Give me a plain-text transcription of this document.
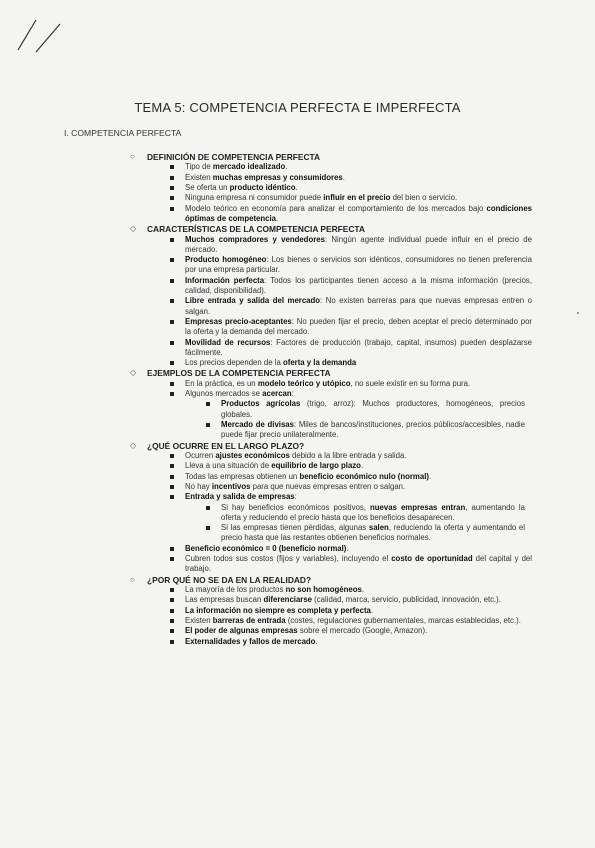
TEMA 5: COMPETENCIA PERFECTA E IMPERFECTA
I. COMPETENCIA PERFECTA
○ DEFINICIÓN DE COMPETENCIA PERFECTA
Tipo de mercado idealizado.
Existen muchas empresas y consumidores.
Se oferta un producto idéntico.
Ninguna empresa ni consumidor puede influir en el precio del bien o servicio.
Modelo teórico en economía para analizar el comportamiento de los mercados bajo condiciones óptimas de competencia.
◇ CARACTERÍSTICAS DE LA COMPETENCIA PERFECTA
Muchos compradores y vendedores: Ningún agente individual puede influir en el precio de mercado.
Producto homogéneo: Los bienes o servicios son idénticos, consumidores no tienen preferencia por una empresa particular.
Información perfecta: Todos los participantes tienen acceso a la misma información (precios, calidad, disponibilidad).
Libre entrada y salida del mercado: No existen barreras para que nuevas empresas entren o salgan.
Empresas precio-aceptantes: No pueden fijar el precio, deben aceptar el precio determinado por la oferta y la demanda del mercado.
Movilidad de recursos: Factores de producción (trabajo, capital, insumos) pueden desplazarse fácilmente.
Los precios dependen de la oferta y la demanda
◇ EJEMPLOS DE LA COMPETENCIA PERFECTA
En la práctica, es un modelo teórico y utópico, no suele existir en su forma pura.
Algunos mercados se acercan:
Productos agrícolas (trigo, arroz): Muchos productores, homogéneos, precios globales.
Mercado de divisas: Miles de bancos/instituciones, precios públicos/accesibles, nadie puede fijar precio unilateralmente.
◇ ¿QUÉ OCURRE EN EL LARGO PLAZO?
Ocurren ajustes económicos debido a la libre entrada y salida.
Lleva a una situación de equilibrio de largo plazo.
Todas las empresas obtienen un beneficio económico nulo (normal).
No hay incentivos para que nuevas empresas entren o salgan.
Entrada y salida de empresas:
Si hay beneficios económicos positivos, nuevas empresas entran, aumentando la oferta y reduciendo el precio hasta que los beneficios desaparecen.
Si las empresas tienen pérdidas, algunas salen, reduciendo la oferta y aumentando el precio hasta que las restantes obtienen beneficios normales.
Beneficio económico = 0 (beneficio normal).
Cubren todos sus costos (fijos y variables), incluyendo el costo de oportunidad del capital y del trabajo.
○ ¿POR QUÉ NO SE DA EN LA REALIDAD?
La mayoría de los productos no son homogéneos.
Las empresas buscan diferenciarse (calidad, marca, servicio, publicidad, innovación, etc.).
La información no siempre es completa y perfecta.
Existen barreras de entrada (costes, regulaciones gubernamentales, marcas establecidas, etc.).
El poder de algunas empresas sobre el mercado (Google, Amazon).
Externalidades y fallos de mercado.
